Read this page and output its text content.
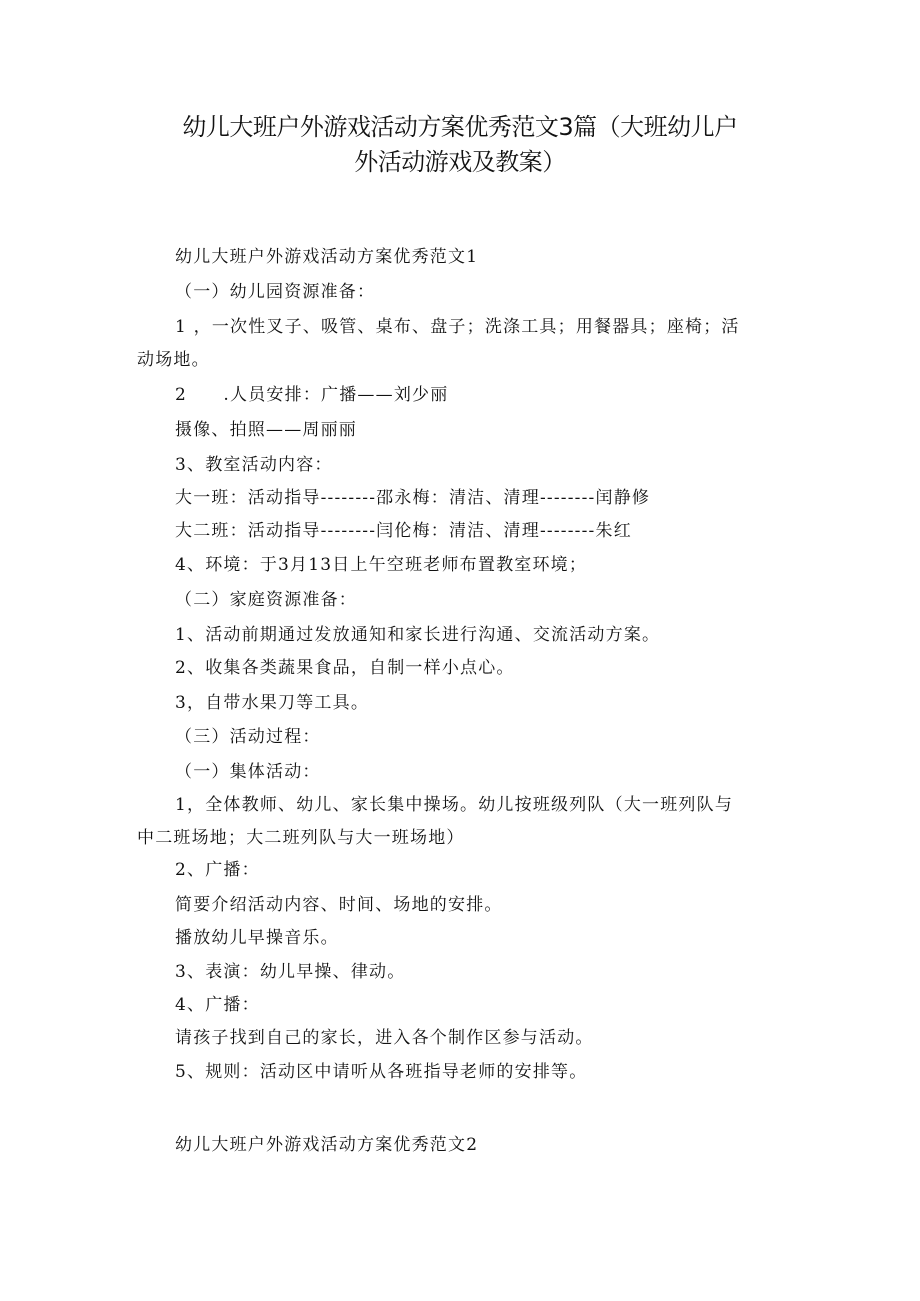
幼儿大班户外游戏活动方案优秀范文3篇（大班幼儿户
外活动游戏及教案）
幼儿大班户外游戏活动方案优秀范文1
（一）幼儿园资源准备：
1 ，一次性叉子、吸管、桌布、盘子；洗涤工具；用餐器具；座椅；活
动场地。
2　　.人员安排：广播——刘少丽
摄像、拍照——周丽丽
3、教室活动内容：
大一班：活动指导--------邵永梅：清洁、清理--------闰静修
大二班：活动指导--------闫伦梅：清洁、清理--------朱红
4、环境：于3月13日上午空班老师布置教室环境；
（二）家庭资源准备：
1、活动前期通过发放通知和家长进行沟通、交流活动方案。
2、收集各类蔬果食品，自制一样小点心。
3，自带水果刀等工具。
（三）活动过程：
（一）集体活动：
1，全体教师、幼儿、家长集中操场。幼儿按班级列队（大一班列队与
中二班场地；大二班列队与大一班场地）
2、广播：
简要介绍活动内容、时间、场地的安排。
播放幼儿早操音乐。
3、表演：幼儿早操、律动。
4、广播：
请孩子找到自己的家长，进入各个制作区参与活动。
5、规则：活动区中请听从各班指导老师的安排等。
幼儿大班户外游戏活动方案优秀范文2
